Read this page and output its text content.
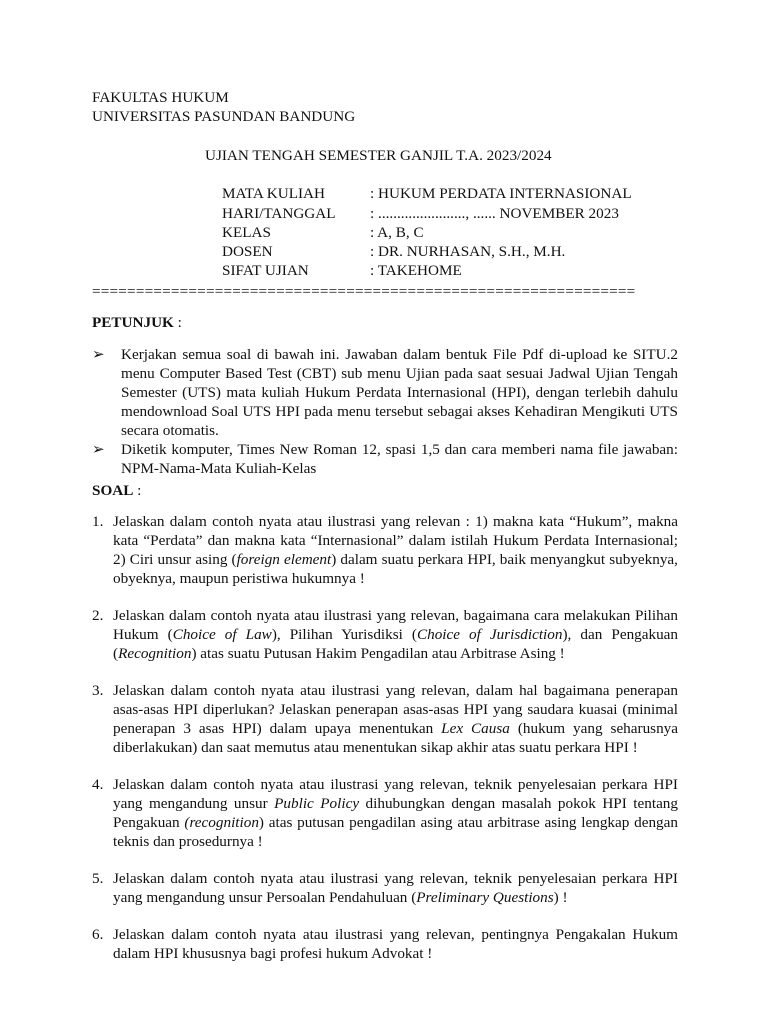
FAKULTAS HUKUM
UNIVERSITAS PASUNDAN BANDUNG
UJIAN TENGAH SEMESTER GANJIL T.A. 2023/2024
MATA KULIAH	: HUKUM PERDATA INTERNASIONAL
HARI/TANGGAL : ......................., ...... NOVEMBER 2023
KELAS	: A, B, C
DOSEN	: DR. NURHASAN, S.H., M.H.
SIFAT UJIAN	: TAKEHOME
==============================================================
PETUNJUK :
➢ Kerjakan semua soal di bawah ini. Jawaban dalam bentuk File Pdf di-upload ke SITU.2 menu Computer Based Test (CBT) sub menu Ujian pada saat sesuai Jadwal Ujian Tengah Semester (UTS) mata kuliah Hukum Perdata Internasional (HPI), dengan terlebih dahulu mendownload Soal UTS HPI pada menu tersebut sebagai akses Kehadiran Mengikuti UTS secara otomatis.
➢ Diketik komputer, Times New Roman 12, spasi 1,5 dan cara memberi nama file jawaban: NPM-Nama-Mata Kuliah-Kelas
SOAL :
1. Jelaskan dalam contoh nyata atau ilustrasi yang relevan : 1) makna kata “Hukum”, makna kata “Perdata” dan makna kata “Internasional” dalam istilah Hukum Perdata Internasional; 2) Ciri unsur asing (foreign element) dalam suatu perkara HPI, baik menyangkut subyeknya, obyeknya, maupun peristiwa hukumnya !
2. Jelaskan dalam contoh nyata atau ilustrasi yang relevan, bagaimana cara melakukan Pilihan Hukum (Choice of Law), Pilihan Yurisdiksi (Choice of Jurisdiction), dan Pengakuan (Recognition) atas suatu Putusan Hakim Pengadilan atau Arbitrase Asing !
3. Jelaskan dalam contoh nyata atau ilustrasi yang relevan, dalam hal bagaimana penerapan asas-asas HPI diperlukan? Jelaskan penerapan asas-asas HPI yang saudara kuasai (minimal penerapan 3 asas HPI) dalam upaya menentukan Lex Causa (hukum yang seharusnya diberlakukan) dan saat memutus atau menentukan sikap akhir atas suatu perkara HPI !
4. Jelaskan dalam contoh nyata atau ilustrasi yang relevan, teknik penyelesaian perkara HPI yang mengandung unsur Public Policy dihubungkan dengan masalah pokok HPI tentang Pengakuan (recognition) atas putusan pengadilan asing atau arbitrase asing lengkap dengan teknis dan prosedurnya !
5. Jelaskan dalam contoh nyata atau ilustrasi yang relevan, teknik penyelesaian perkara HPI yang mengandung unsur Persoalan Pendahuluan (Preliminary Questions) !
6. Jelaskan dalam contoh nyata atau ilustrasi yang relevan, pentingnya Pengakalan Hukum dalam HPI khususnya bagi profesi hukum Advokat !
